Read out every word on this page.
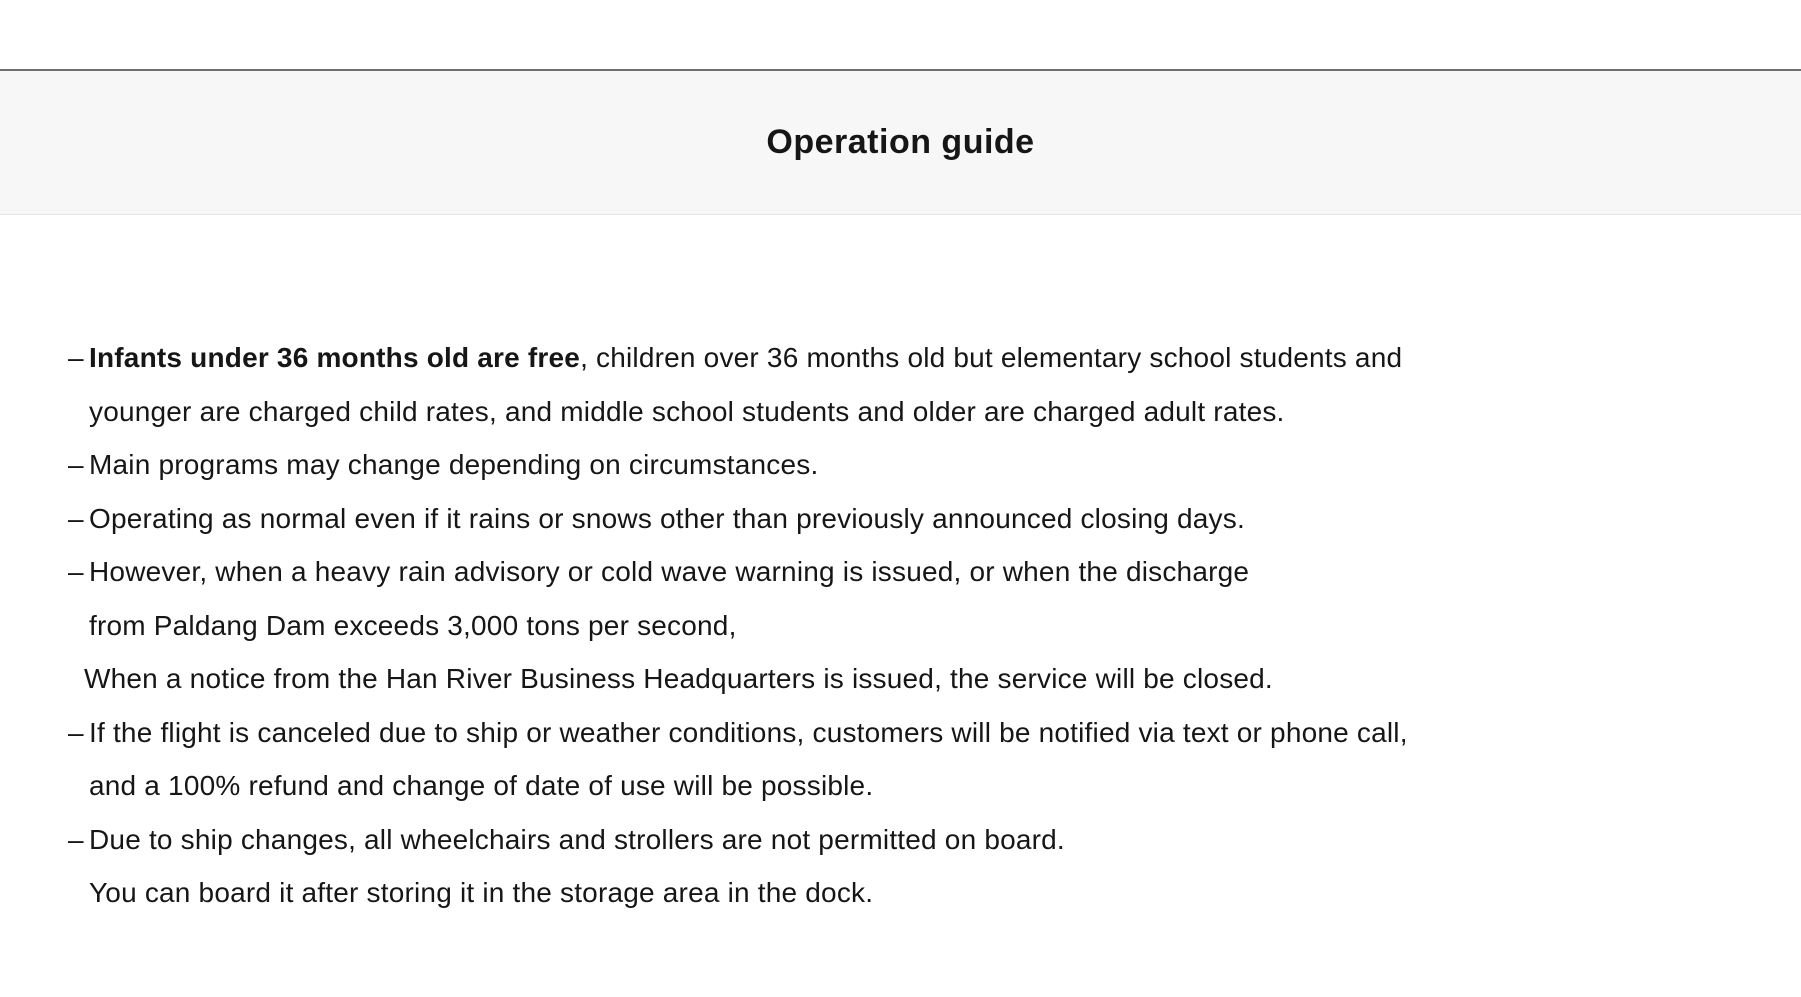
Operation guide
– Infants under 36 months old are free, children over 36 months old but elementary school students and
younger are charged child rates, and middle school students and older are charged adult rates.
– Main programs may change depending on circumstances.
– Operating as normal even if it rains or snows other than previously announced closing days.
– However, when a heavy rain advisory or cold wave warning is issued, or when the discharge
from Paldang Dam exceeds 3,000 tons per second,
When a notice from the Han River Business Headquarters is issued, the service will be closed.
– If the flight is canceled due to ship or weather conditions, customers will be notified via text or phone call,
and a 100% refund and change of date of use will be possible.
– Due to ship changes, all wheelchairs and strollers are not permitted on board.
You can board it after storing it in the storage area in the dock.
